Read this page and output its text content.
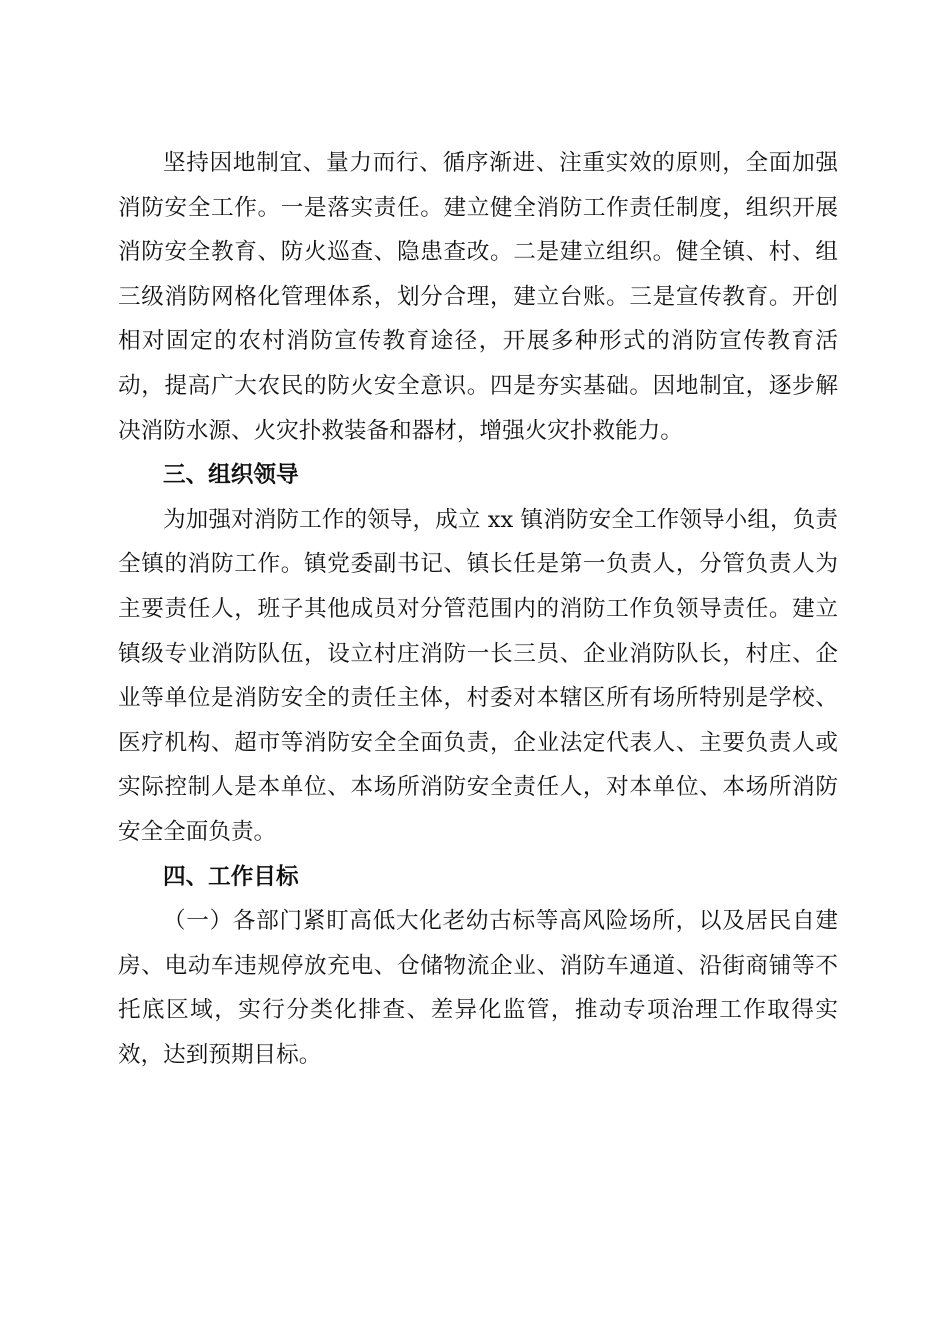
坚持因地制宜、量力而行、循序渐进、注重实效的原则，全面加强消防安全工作。一是落实责任。建立健全消防工作责任制度，组织开展消防安全教育、防火巡查、隐患查改。二是建立组织。健全镇、村、组三级消防网格化管理体系，划分合理，建立台账。三是宣传教育。开创相对固定的农村消防宣传教育途径，开展多种形式的消防宣传教育活动，提高广大农民的防火安全意识。四是夯实基础。因地制宜，逐步解决消防水源、火灾扑救装备和器材，增强火灾扑救能力。

三、组织领导

为加强对消防工作的领导，成立 xx 镇消防安全工作领导小组，负责全镇的消防工作。镇党委副书记、镇长任是第一负责人，分管负责人为主要责任人，班子其他成员对分管范围内的消防工作负领导责任。建立镇级专业消防队伍，设立村庄消防一长三员、企业消防队长，村庄、企业等单位是消防安全的责任主体，村委对本辖区所有场所特别是学校、医疗机构、超市等消防安全全面负责，企业法定代表人、主要负责人或实际控制人是本单位、本场所消防安全责任人，对本单位、本场所消防安全全面负责。

四、工作目标

（一）各部门紧盯高低大化老幼古标等高风险场所，以及居民自建房、电动车违规停放充电、仓储物流企业、消防车通道、沿街商铺等不托底区域，实行分类化排查、差异化监管，推动专项治理工作取得实效，达到预期目标。
